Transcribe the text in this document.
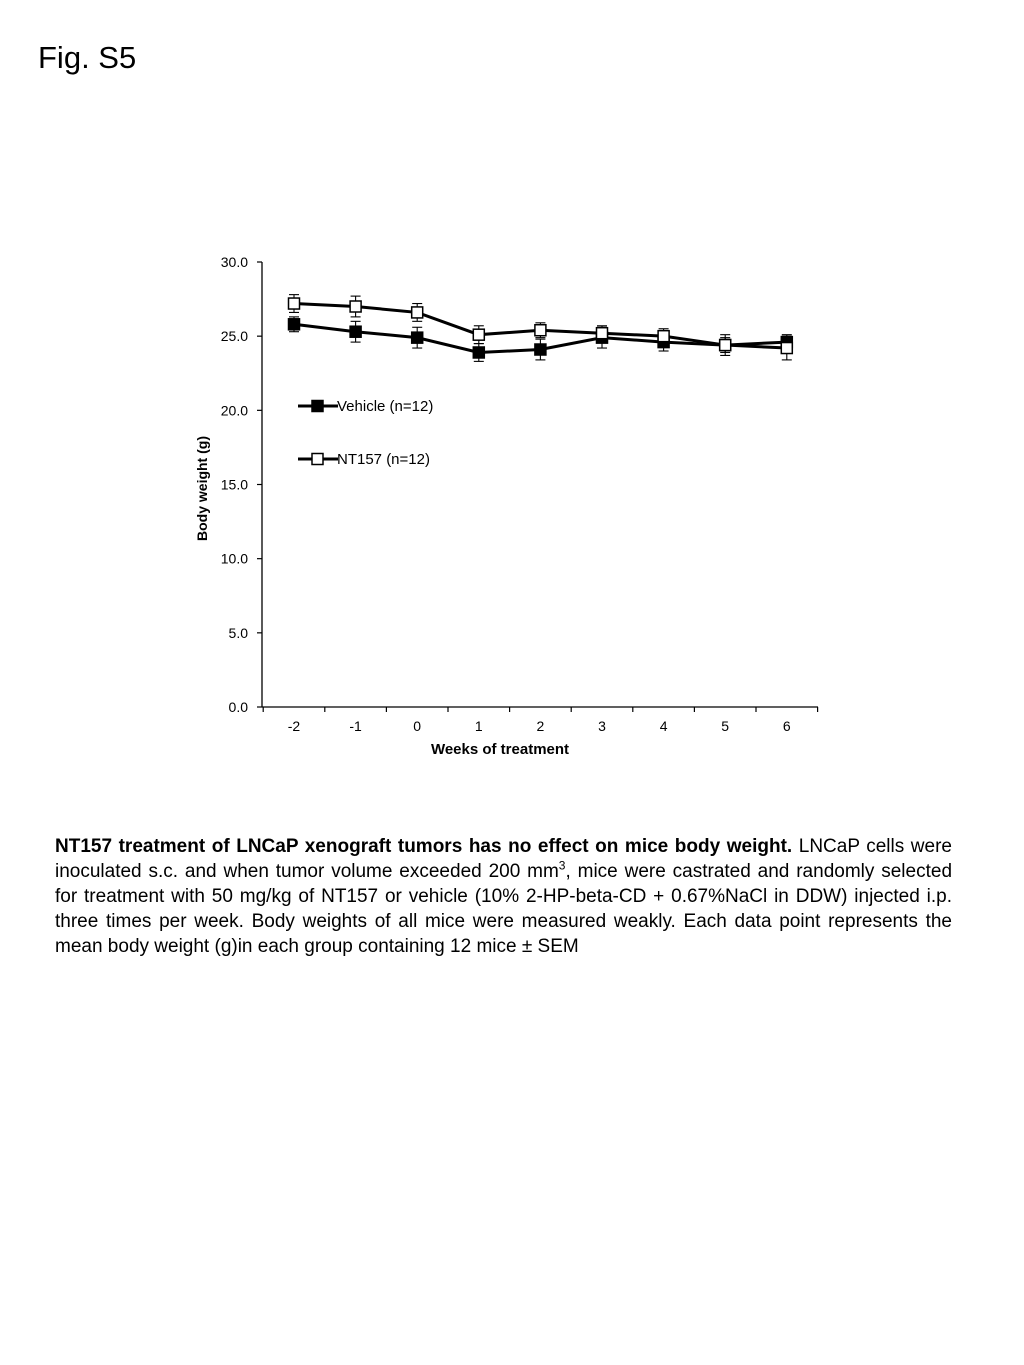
Fig. S5
0.0
5.0
10.0
15.0
20.0
25.0
30.0
-2	-1	0	1	2	3	4	5	6
Weeks of treatment
Body weight (g)
Vehicle (n=12)
NT157 (n=12)
NT157 treatment of LNCaP xenograft tumors has no effect on mice body weight. LNCaP cells were inoculated s.c. and when tumor volume exceeded 200 $mm^3$, mice were castrated and randomly selected for treatment with 50 mg/kg of NT157 or vehicle (10% 2-HP-beta-CD + 0.67%NaCl in DDW) injected i.p. three times per week. Body weights of all mice were measured weakly. Each data point represents the mean body weight (g)in each group containing 12 mice ± SEM
